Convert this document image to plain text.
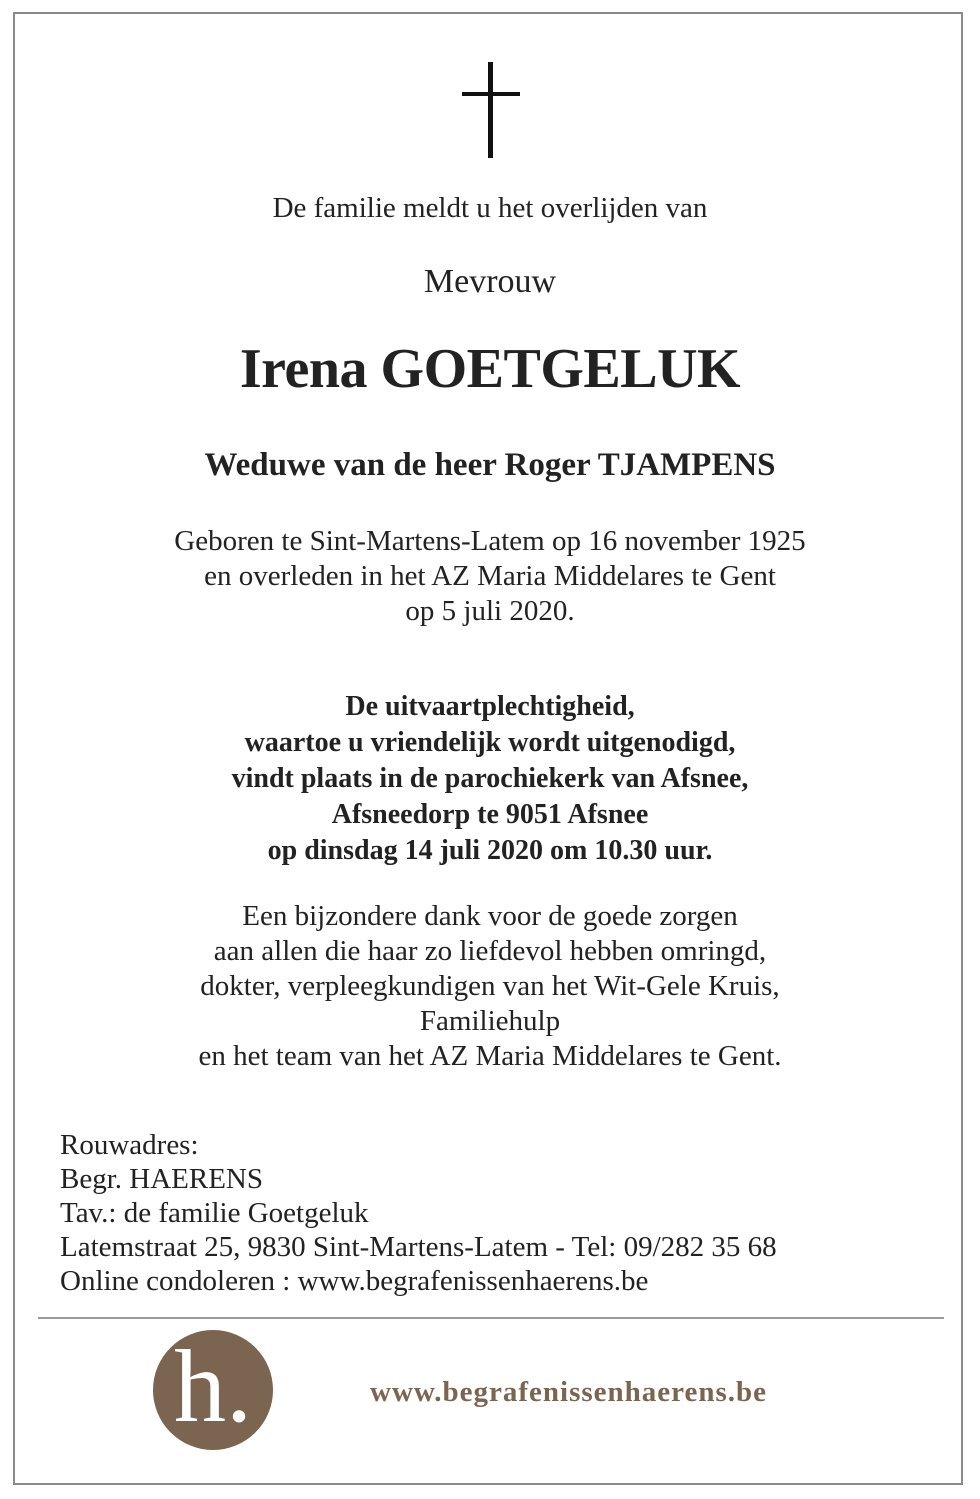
De familie meldt u het overlijden van
Mevrouw
Irena GOETGELUK
Weduwe van de heer Roger TJAMPENS
Geboren te Sint-Martens-Latem op 16 november 1925
en overleden in het AZ Maria Middelares te Gent
op 5 juli 2020.
De uitvaartplechtigheid,
waartoe u vriendelijk wordt uitgenodigd,
vindt plaats in de parochiekerk van Afsnee,
Afsneedorp te 9051 Afsnee
op dinsdag 14 juli 2020 om 10.30 uur.
Een bijzondere dank voor de goede zorgen
aan allen die haar zo liefdevol hebben omringd,
dokter, verpleegkundigen van het Wit-Gele Kruis,
Familiehulp
en het team van het AZ Maria Middelares te Gent.
Rouwadres:
Begr. HAERENS
Tav.: de familie Goetgeluk
Latemstraat 25, 9830 Sint-Martens-Latem - Tel: 09/282 35 68
Online condoleren : www.begrafenissenhaerens.be
h.	www.begrafenissenhaerens.be
